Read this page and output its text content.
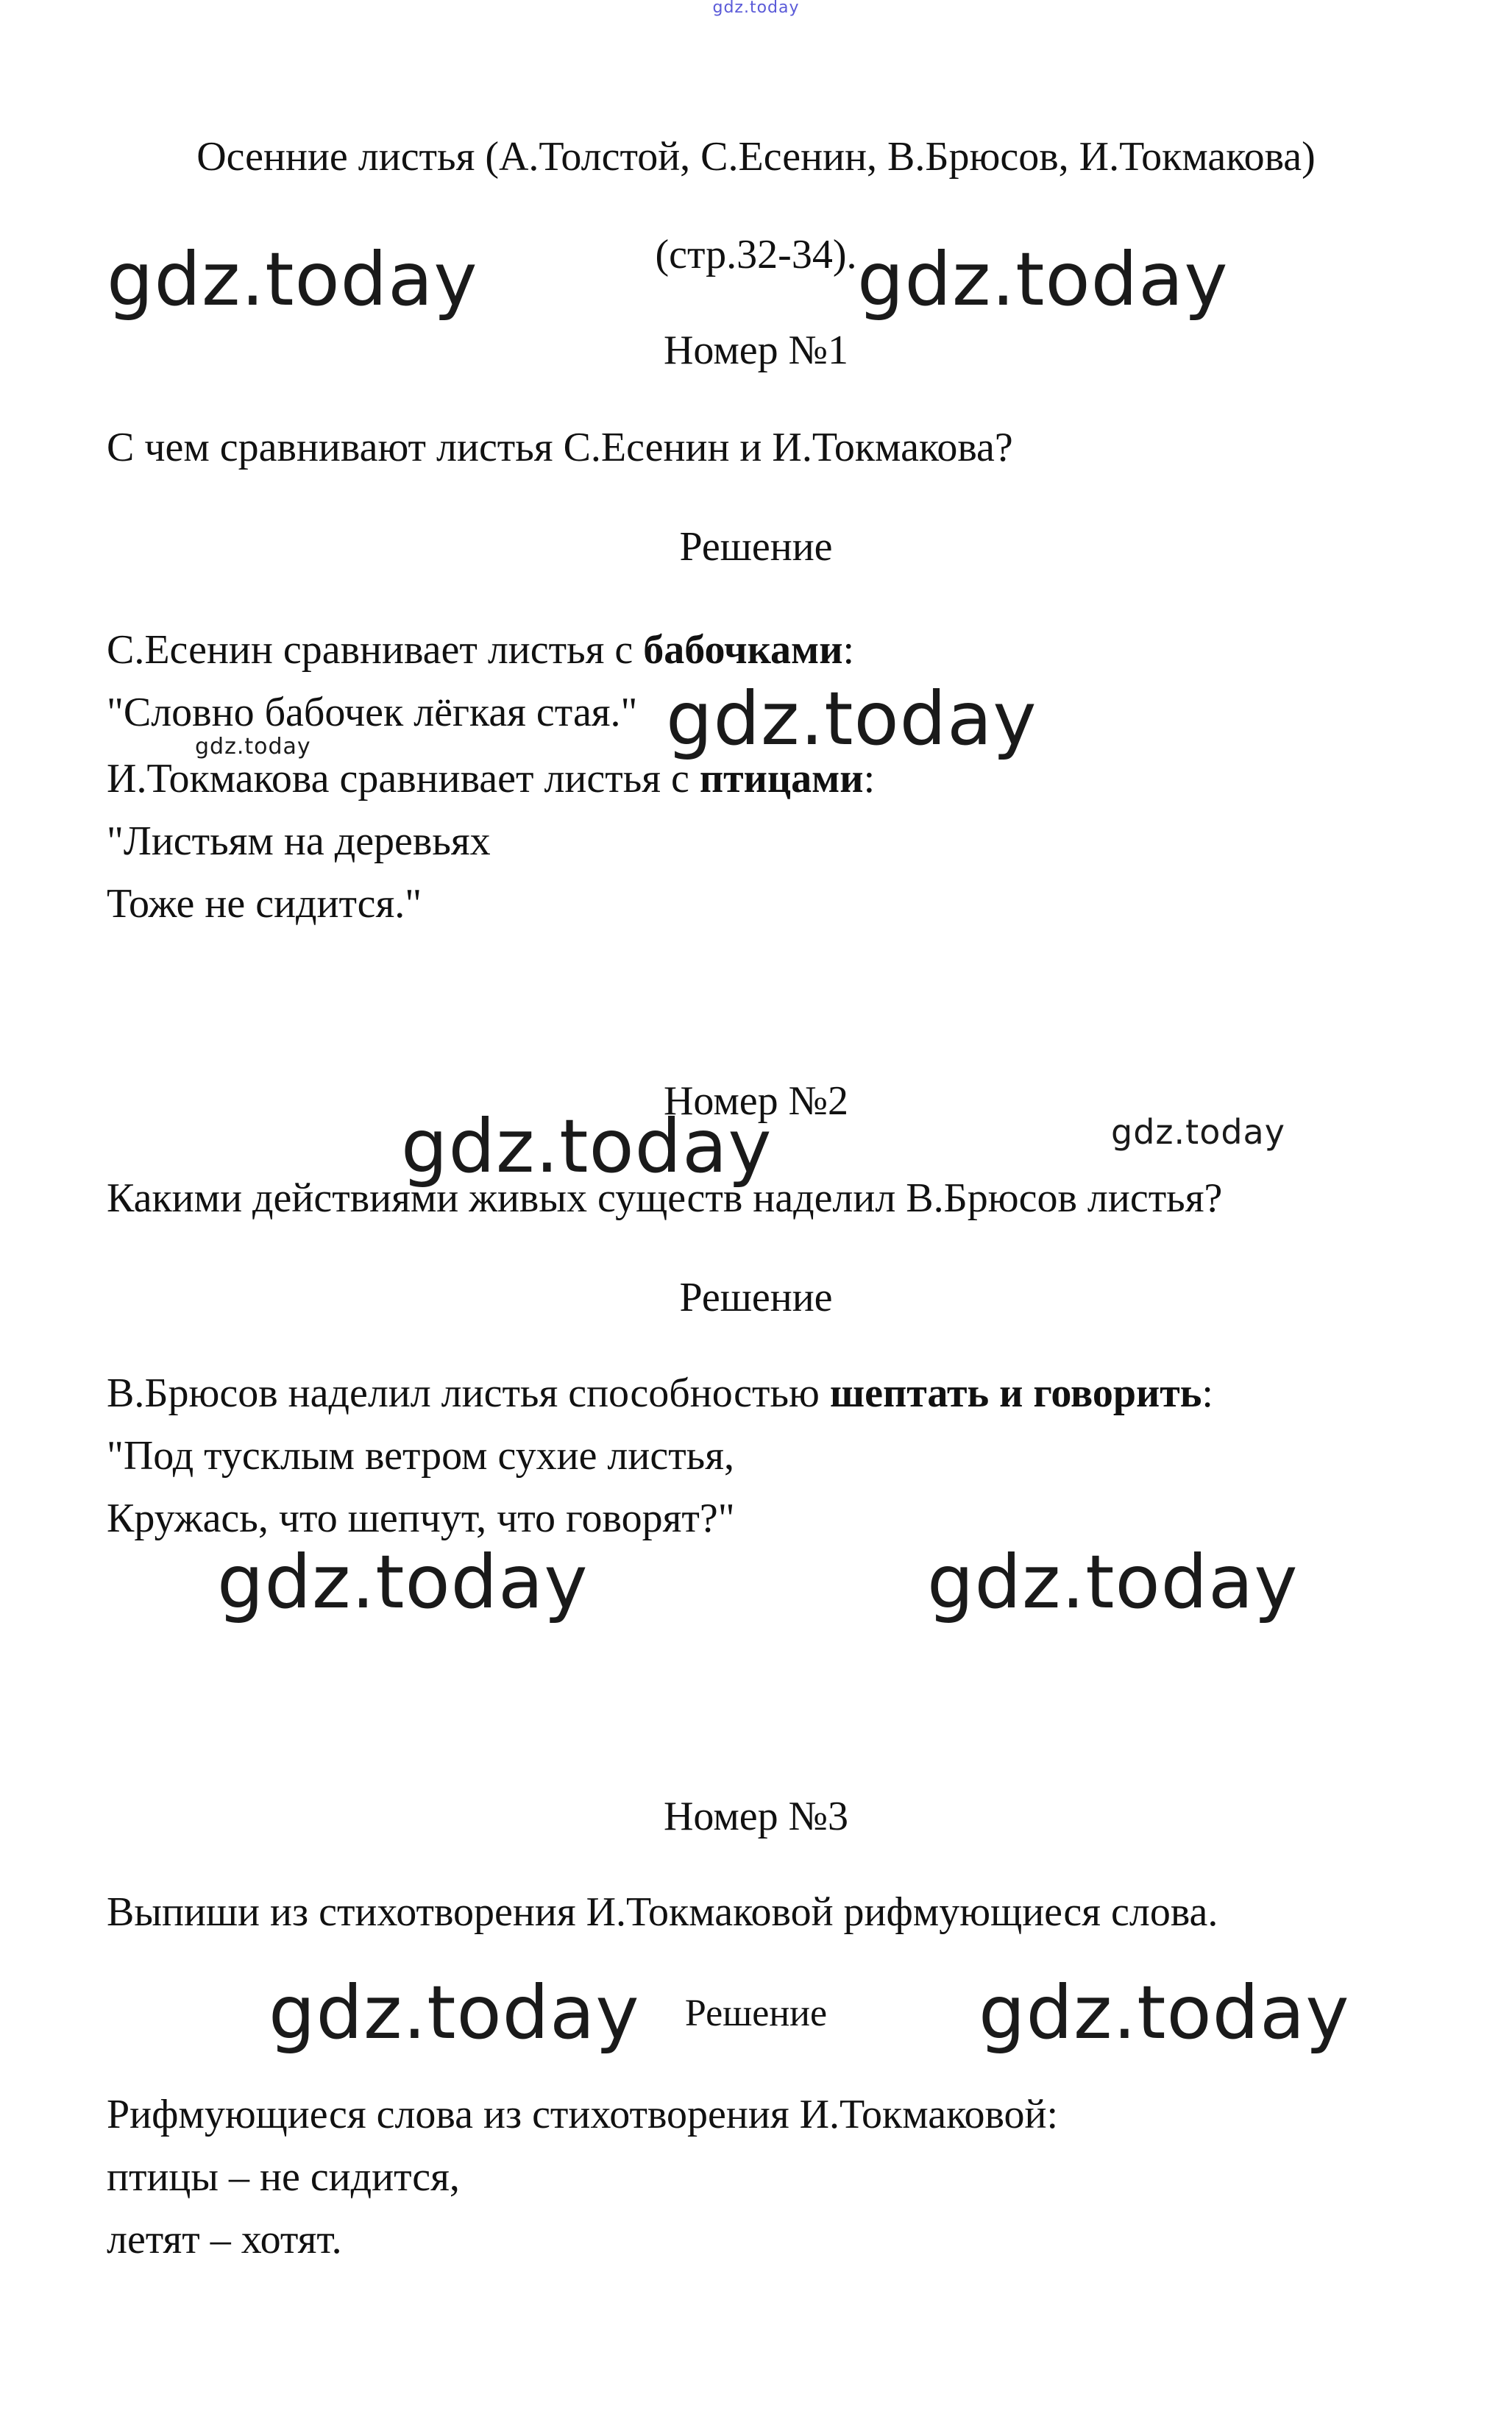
gdz.today
Осенние листья (А.Толстой, С.Есенин, В.Брюсов, И.Токмакова)
(стр.32-34).
gdz.today	gdz.today
Номер №1
С чем сравнивают листья С.Есенин и И.Токмакова?
Решение
С.Есенин сравнивает листья с бабочками:
"Словно бабочек лёгкая стая." gdz.today
gdz.today
И.Токмакова сравнивает листья с птицами:
"Листьям на деревьях
Тоже не сидится."
Номер №2
gdz.today	gdz.today
Какими действиями живых существ наделил В.Брюсов листья?
Решение
В.Брюсов наделил листья способностью шептать и говорить:
"Под тусклым ветром сухие листья,
Кружась, что шепчут, что говорят?"
gdz.today	gdz.today
Номер №3
Выпиши из стихотворения И.Токмаковой рифмующиеся слова.
gdz.today	Решение	gdz.today
Рифмующиеся слова из стихотворения И.Токмаковой:
птицы – не сидится,
летят – хотят.
